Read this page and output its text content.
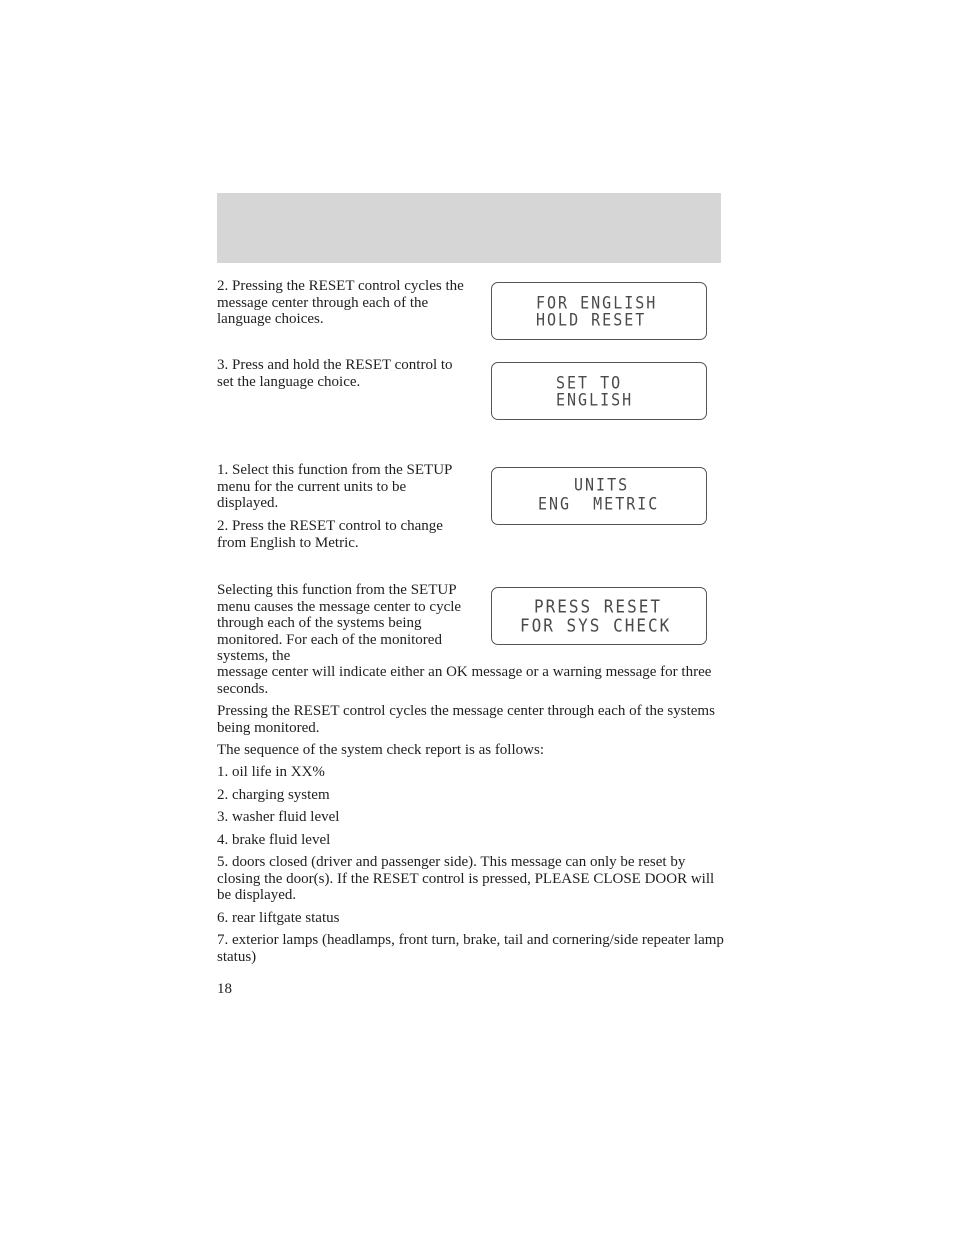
2. Pressing the RESET control cycles the message center through each of the language choices.
FOR ENGLISH
HOLD RESET
3. Press and hold the RESET control to set the language choice.	SET TO
ENGLISH
1. Select this function from the SETUP menu for the current units to be displayed.
2. Press the RESET control to change from English to Metric.
UNITS
ENG  METRIC
Selecting this function from the SETUP menu causes the message center to cycle through each of the systems being monitored. For each of the monitored systems, the
PRESS RESET
FOR SYS CHECK
message center will indicate either an OK message or a warning message for three seconds.
Pressing the RESET control cycles the message center through each of the systems being monitored.
The sequence of the system check report is as follows:
1. oil life in XX%
2. charging system
3. washer fluid level
4. brake fluid level
5. doors closed (driver and passenger side). This message can only be reset by closing the door(s). If the RESET control is pressed, PLEASE CLOSE DOOR will be displayed.
6. rear liftgate status
7. exterior lamps (headlamps, front turn, brake, tail and cornering/side repeater lamp status)
18
